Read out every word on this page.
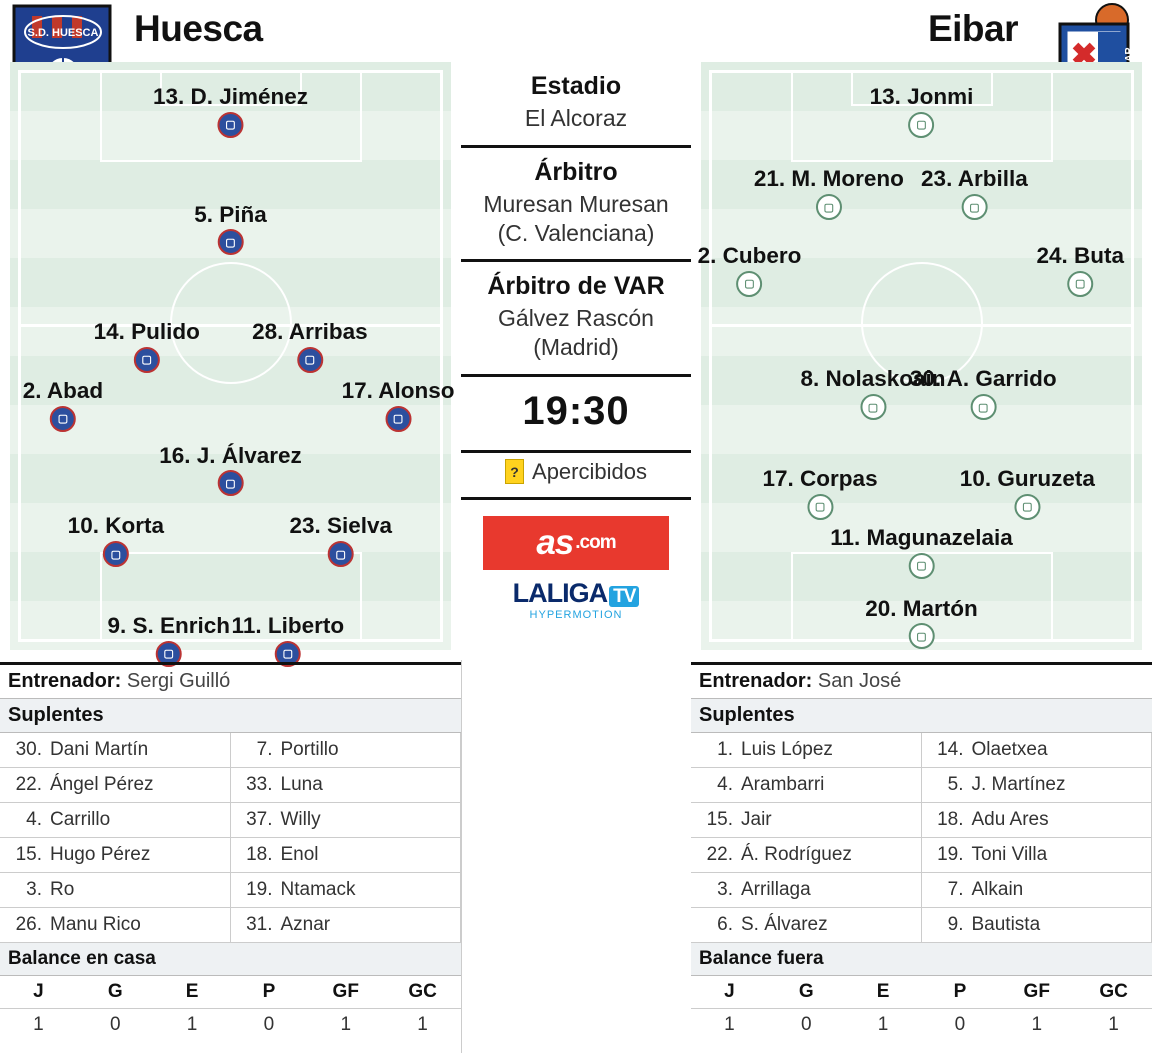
S.D. HUESCA Huesca	Eibar
13. D. Jiménez
▢
5. Piña
▢
14. Pulido
▢
28. Arribas
▢
2. Abad
▢
17. Alonso
▢
16. J. Álvarez
▢
10. Korta
▢
23. Sielva
▢
9. S. Enrich
▢
11. Liberto
▢
Estadio
El Alcoraz
Árbitro
Muresan Muresan (C. Valenciana)
Árbitro de VAR
Gálvez Rascón (Madrid)
19:30
? Apercibidos
as .com
LALIGA TV
HYPERMOTION
13. Jonmi
▢
21. M. Moreno
▢
23. Arbilla
▢
2. Cubero
▢
24. Buta
▢
8. Nolaskoain
▢
30. A. Garrido
▢
17. Corpas
▢
10. Guruzeta
▢
11. Magunazelaia
▢
20. Martón
▢
Entrenador: Sergi Guilló
Suplentes
30. Dani Martín	7. Portillo
22. Ángel Pérez	33. Luna
4. Carrillo	37. Willy
15. Hugo Pérez	18. Enol
3. Ro	19. Ntamack
26. Manu Rico	31. Aznar
Balance en casa
J	G	E	P	GF	GC
1	0	1	0	1	1
Entrenador: San José
Suplentes
1. Luis López	14. Olaetxea
4. Arambarri	5. J. Martínez
15. Jair	18. Adu Ares
22. Á. Rodríguez	19. Toni Villa
3. Arrillaga	7. Alkain
6. S. Álvarez	9. Bautista
Balance fuera
J	G	E	P	GF	GC
1	0	1	0	1	1
